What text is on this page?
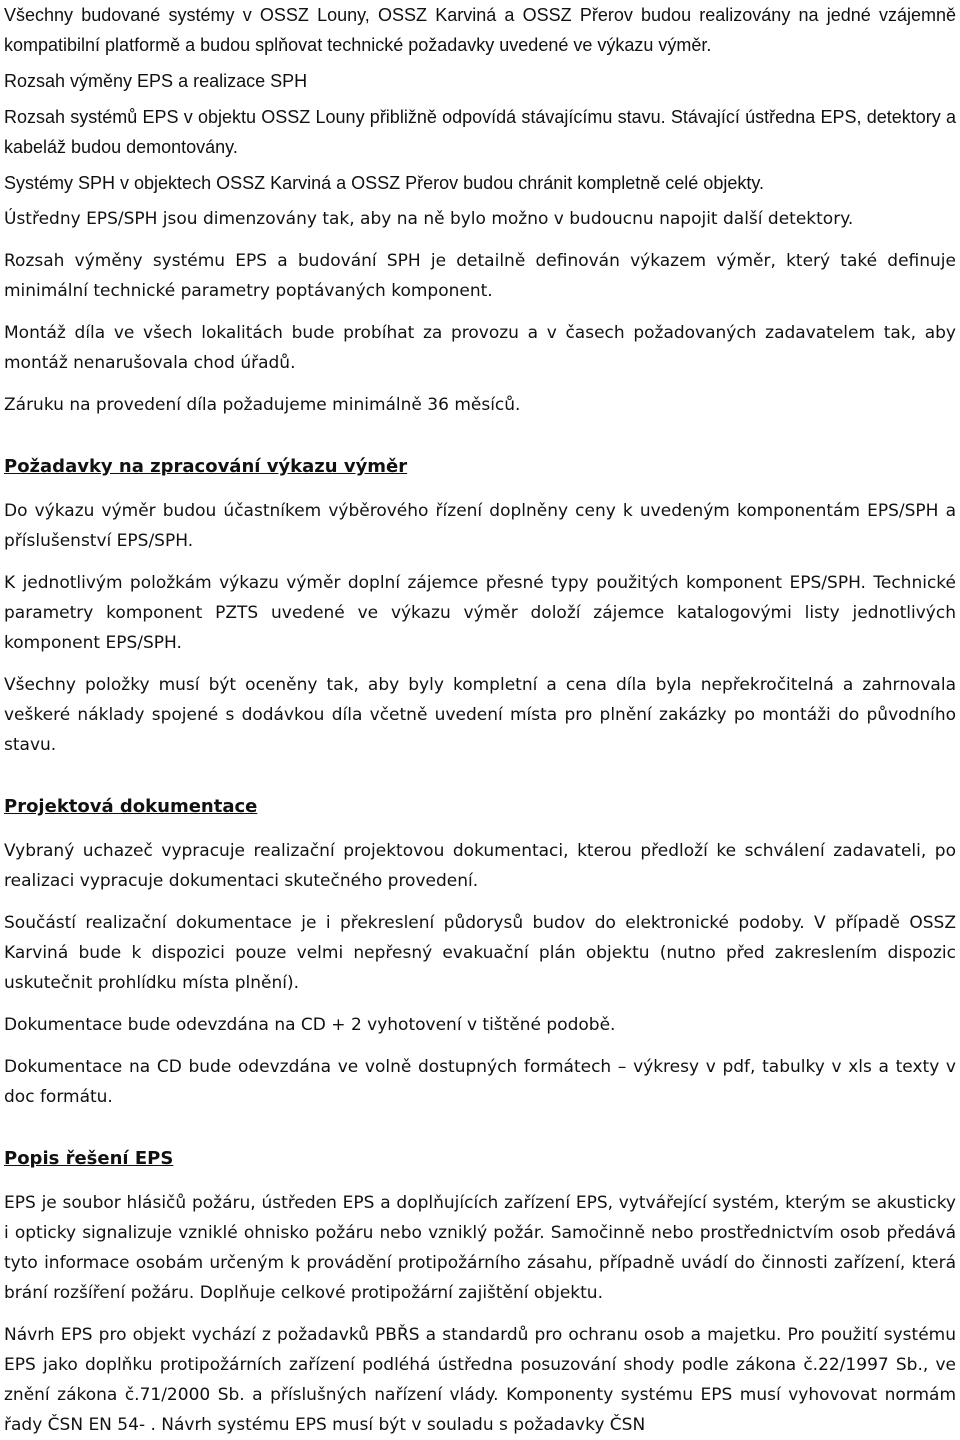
Všechny budované systémy v OSSZ Louny, OSSZ Karviná a OSSZ Přerov budou realizovány na jedné vzájemně kompatibilní platformě a budou splňovat technické požadavky uvedené ve výkazu výměr.

Rozsah výměny EPS a realizace SPH

Rozsah systémů EPS v objektu OSSZ Louny přibližně odpovídá stávajícímu stavu. Stávající ústředna EPS, detektory a kabeláž budou demontovány.

Systémy SPH v objektech OSSZ Karviná a OSSZ Přerov budou chránit kompletně celé objekty.

Ústředny EPS/SPH jsou dimenzovány tak, aby na ně bylo možno v budoucnu napojit další detektory.

Rozsah výměny systému EPS a budování SPH je detailně definován výkazem výměr, který také definuje minimální technické parametry poptávaných komponent.

Montáž díla ve všech lokalitách bude probíhat za provozu a v časech požadovaných zadavatelem tak, aby montáž nenarušovala chod úřadů.

Záruku na provedení díla požadujeme minimálně 36 měsíců.

Požadavky na zpracování výkazu výměr

Do výkazu výměr budou účastníkem výběrového řízení doplněny ceny k uvedeným komponentám EPS/SPH a příslušenství EPS/SPH.

K jednotlivým položkám výkazu výměr doplní zájemce přesné typy použitých komponent EPS/SPH. Technické parametry komponent PZTS uvedené ve výkazu výměr doloží zájemce katalogovými listy jednotlivých komponent EPS/SPH.

Všechny položky musí být oceněny tak, aby byly kompletní a cena díla byla nepřekročitelná a zahrnovala veškeré náklady spojené s dodávkou díla včetně uvedení místa pro plnění zakázky po montáži do původního stavu.

Projektová dokumentace

Vybraný uchazeč vypracuje realizační projektovou dokumentaci, kterou předloží ke schválení zadavateli, po realizaci vypracuje dokumentaci skutečného provedení.

Součástí realizační dokumentace je i překreslení půdorysů budov do elektronické podoby. V případě OSSZ Karviná bude k dispozici pouze velmi nepřesný evakuační plán objektu (nutno před zakreslením dispozic uskutečnit prohlídku místa plnění).

Dokumentace bude odevzdána na CD + 2 vyhotovení v tištěné podobě.

Dokumentace na CD bude odevzdána ve volně dostupných formátech – výkresy v pdf, tabulky v xls a texty v doc formátu.

Popis řešení EPS

EPS je soubor hlásičů požáru, ústředen EPS a doplňujících zařízení EPS, vytvářející systém, kterým se akusticky i opticky signalizuje vzniklé ohnisko požáru nebo vzniklý požár. Samočinně nebo prostřednictvím osob předává tyto informace osobám určeným k provádění protipožárního zásahu, případně uvádí do činnosti zařízení, která brání rozšíření požáru. Doplňuje celkové protipožární zajištění objektu.

Návrh EPS pro objekt vychází z požadavků PBŘS a standardů pro ochranu osob a majetku. Pro použití systému EPS jako doplňku protipožárních zařízení podléhá ústředna posuzování shody podle zákona č.22/1997 Sb., ve znění zákona č.71/2000 Sb. a příslušných nařízení vlády. Komponenty systému EPS musí vyhovovat normám řady ČSN EN 54- . Návrh systému EPS musí být v souladu s požadavky ČSN
